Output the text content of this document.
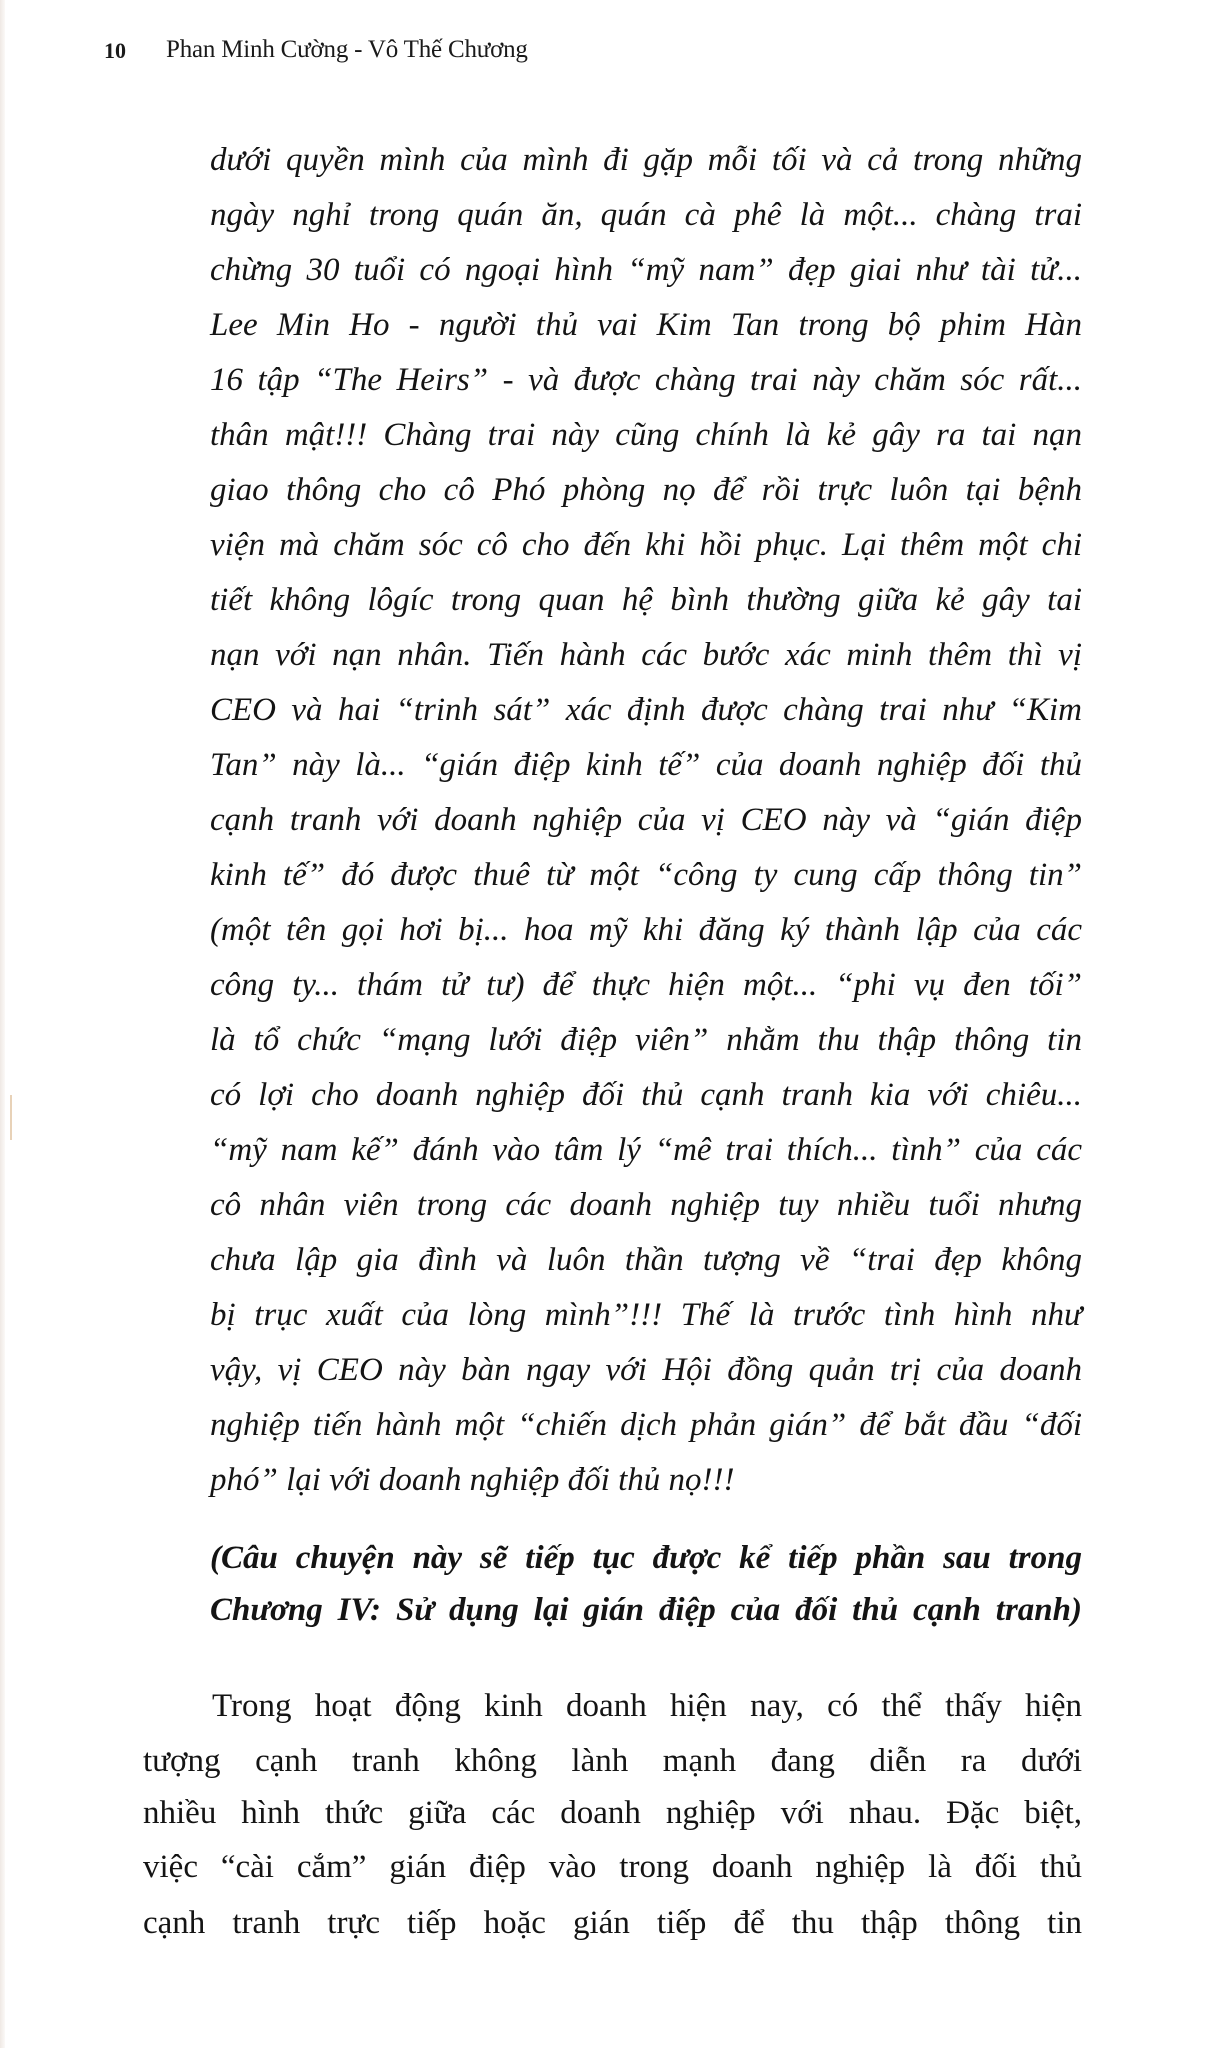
10 Phan Minh Cường - Vô Thế Chương
dưới quyền mình của mình đi gặp mỗi tối và cả trong những
ngày nghỉ trong quán ăn, quán cà phê là một... chàng trai
chừng 30 tuổi có ngoại hình “mỹ nam” đẹp giai như tài tử...
Lee Min Ho - người thủ vai Kim Tan trong bộ phim Hàn
16 tập “The Heirs” - và được chàng trai này chăm sóc rất...
thân mật!!! Chàng trai này cũng chính là kẻ gây ra tai nạn
giao thông cho cô Phó phòng nọ để rồi trực luôn tại bệnh
viện mà chăm sóc cô cho đến khi hồi phục. Lại thêm một chi
tiết không lôgíc trong quan hệ bình thường giữa kẻ gây tai
nạn với nạn nhân. Tiến hành các bước xác minh thêm thì vị
CEO và hai “trinh sát” xác định được chàng trai như “Kim
Tan” này là... “gián điệp kinh tế” của doanh nghiệp đối thủ
cạnh tranh với doanh nghiệp của vị CEO này và “gián điệp
kinh tế” đó được thuê từ một “công ty cung cấp thông tin”
(một tên gọi hơi bị... hoa mỹ khi đăng ký thành lập của các
công ty... thám tử tư) để thực hiện một... “phi vụ đen tối”
là tổ chức “mạng lưới điệp viên” nhằm thu thập thông tin
có lợi cho doanh nghiệp đối thủ cạnh tranh kia với chiêu...
“mỹ nam kế” đánh vào tâm lý “mê trai thích... tình” của các
cô nhân viên trong các doanh nghiệp tuy nhiều tuổi nhưng
chưa lập gia đình và luôn thần tượng về “trai đẹp không
bị trục xuất của lòng mình”!!! Thế là trước tình hình như
vậy, vị CEO này bàn ngay với Hội đồng quản trị của doanh
nghiệp tiến hành một “chiến dịch phản gián” để bắt đầu “đối
phó” lại với doanh nghiệp đối thủ nọ!!!
(Câu chuyện này sẽ tiếp tục được kể tiếp phần sau trong
Chương IV: Sử dụng lại gián điệp của đối thủ cạnh tranh)
Trong hoạt động kinh doanh hiện nay, có thể thấy hiện
tượng cạnh tranh không lành mạnh đang diễn ra dưới
nhiều hình thức giữa các doanh nghiệp với nhau. Đặc biệt,
việc “cài cắm” gián điệp vào trong doanh nghiệp là đối thủ
cạnh tranh trực tiếp hoặc gián tiếp để thu thập thông tin
